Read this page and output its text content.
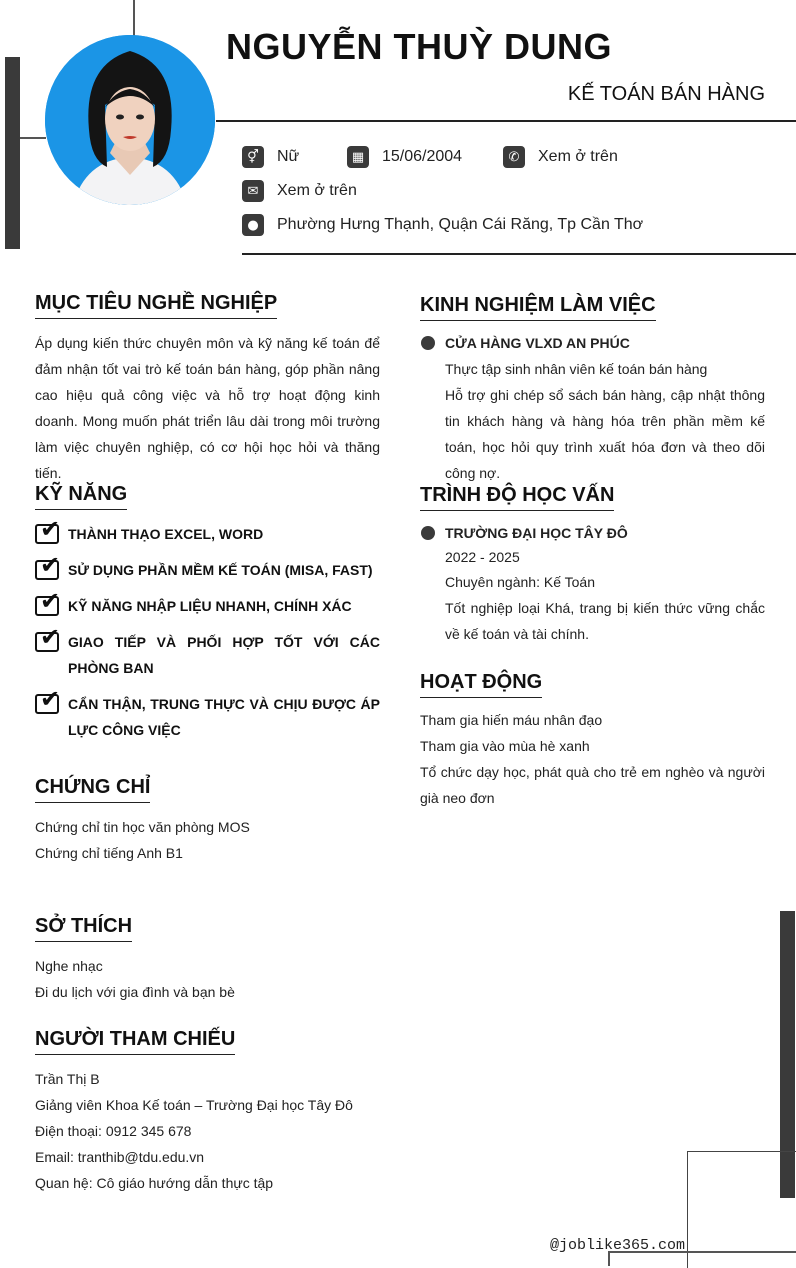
NGUYỄN THUỲ DUNG
KẾ TOÁN BÁN HÀNG
⚥	Nữ	▦	15/06/2004	✆	Xem ở trên
✉	Xem ở trên
●	Phường Hưng Thạnh, Quận Cái Răng, Tp Cần Thơ
MỤC TIÊU NGHỀ NGHIỆP
Áp dụng kiến thức chuyên môn và kỹ năng kế toán để đảm nhận tốt vai trò kế toán bán hàng, góp phần nâng cao hiệu quả công việc và hỗ trợ hoạt động kinh doanh. Mong muốn phát triển lâu dài trong môi trường làm việc chuyên nghiệp, có cơ hội học hỏi và thăng tiến.
KỸ NĂNG
✔ THÀNH THẠO EXCEL, WORD
✔ SỬ DỤNG PHẦN MỀM KẾ TOÁN (MISA, FAST)
✔ KỸ NĂNG NHẬP LIỆU NHANH, CHÍNH XÁC
✔ GIAO TIẾP VÀ PHỐI HỢP TỐT VỚI CÁC PHÒNG BAN
✔ CẨN THẬN, TRUNG THỰC VÀ CHỊU ĐƯỢC ÁP LỰC CÔNG VIỆC
CHỨNG CHỈ
Chứng chỉ tin học văn phòng MOS
Chứng chỉ tiếng Anh B1
SỞ THÍCH
Nghe nhạc
Đi du lịch với gia đình và bạn bè
NGƯỜI THAM CHIẾU
Trần Thị B
Giảng viên Khoa Kế toán – Trường Đại học Tây Đô
Điện thoại: 0912 345 678
Email: tranthib@tdu.edu.vn
Quan hệ: Cô giáo hướng dẫn thực tập
KINH NGHIỆM LÀM VIỆC
CỬA HÀNG VLXD AN PHÚC
Thực tập sinh nhân viên kế toán bán hàng
Hỗ trợ ghi chép sổ sách bán hàng, cập nhật thông tin khách hàng và hàng hóa trên phần mềm kế toán, học hỏi quy trình xuất hóa đơn và theo dõi công nợ.
TRÌNH ĐỘ HỌC VẤN
TRƯỜNG ĐẠI HỌC TÂY ĐÔ
2022 - 2025
Chuyên ngành: Kế Toán
Tốt nghiệp loại Khá, trang bị kiến thức vững chắc về kế toán và tài chính.
HOẠT ĐỘNG
Tham gia hiến máu nhân đạo
Tham gia vào mùa hè xanh
Tổ chức dạy học, phát quà cho trẻ em nghèo và người già neo đơn
@joblike365.com
